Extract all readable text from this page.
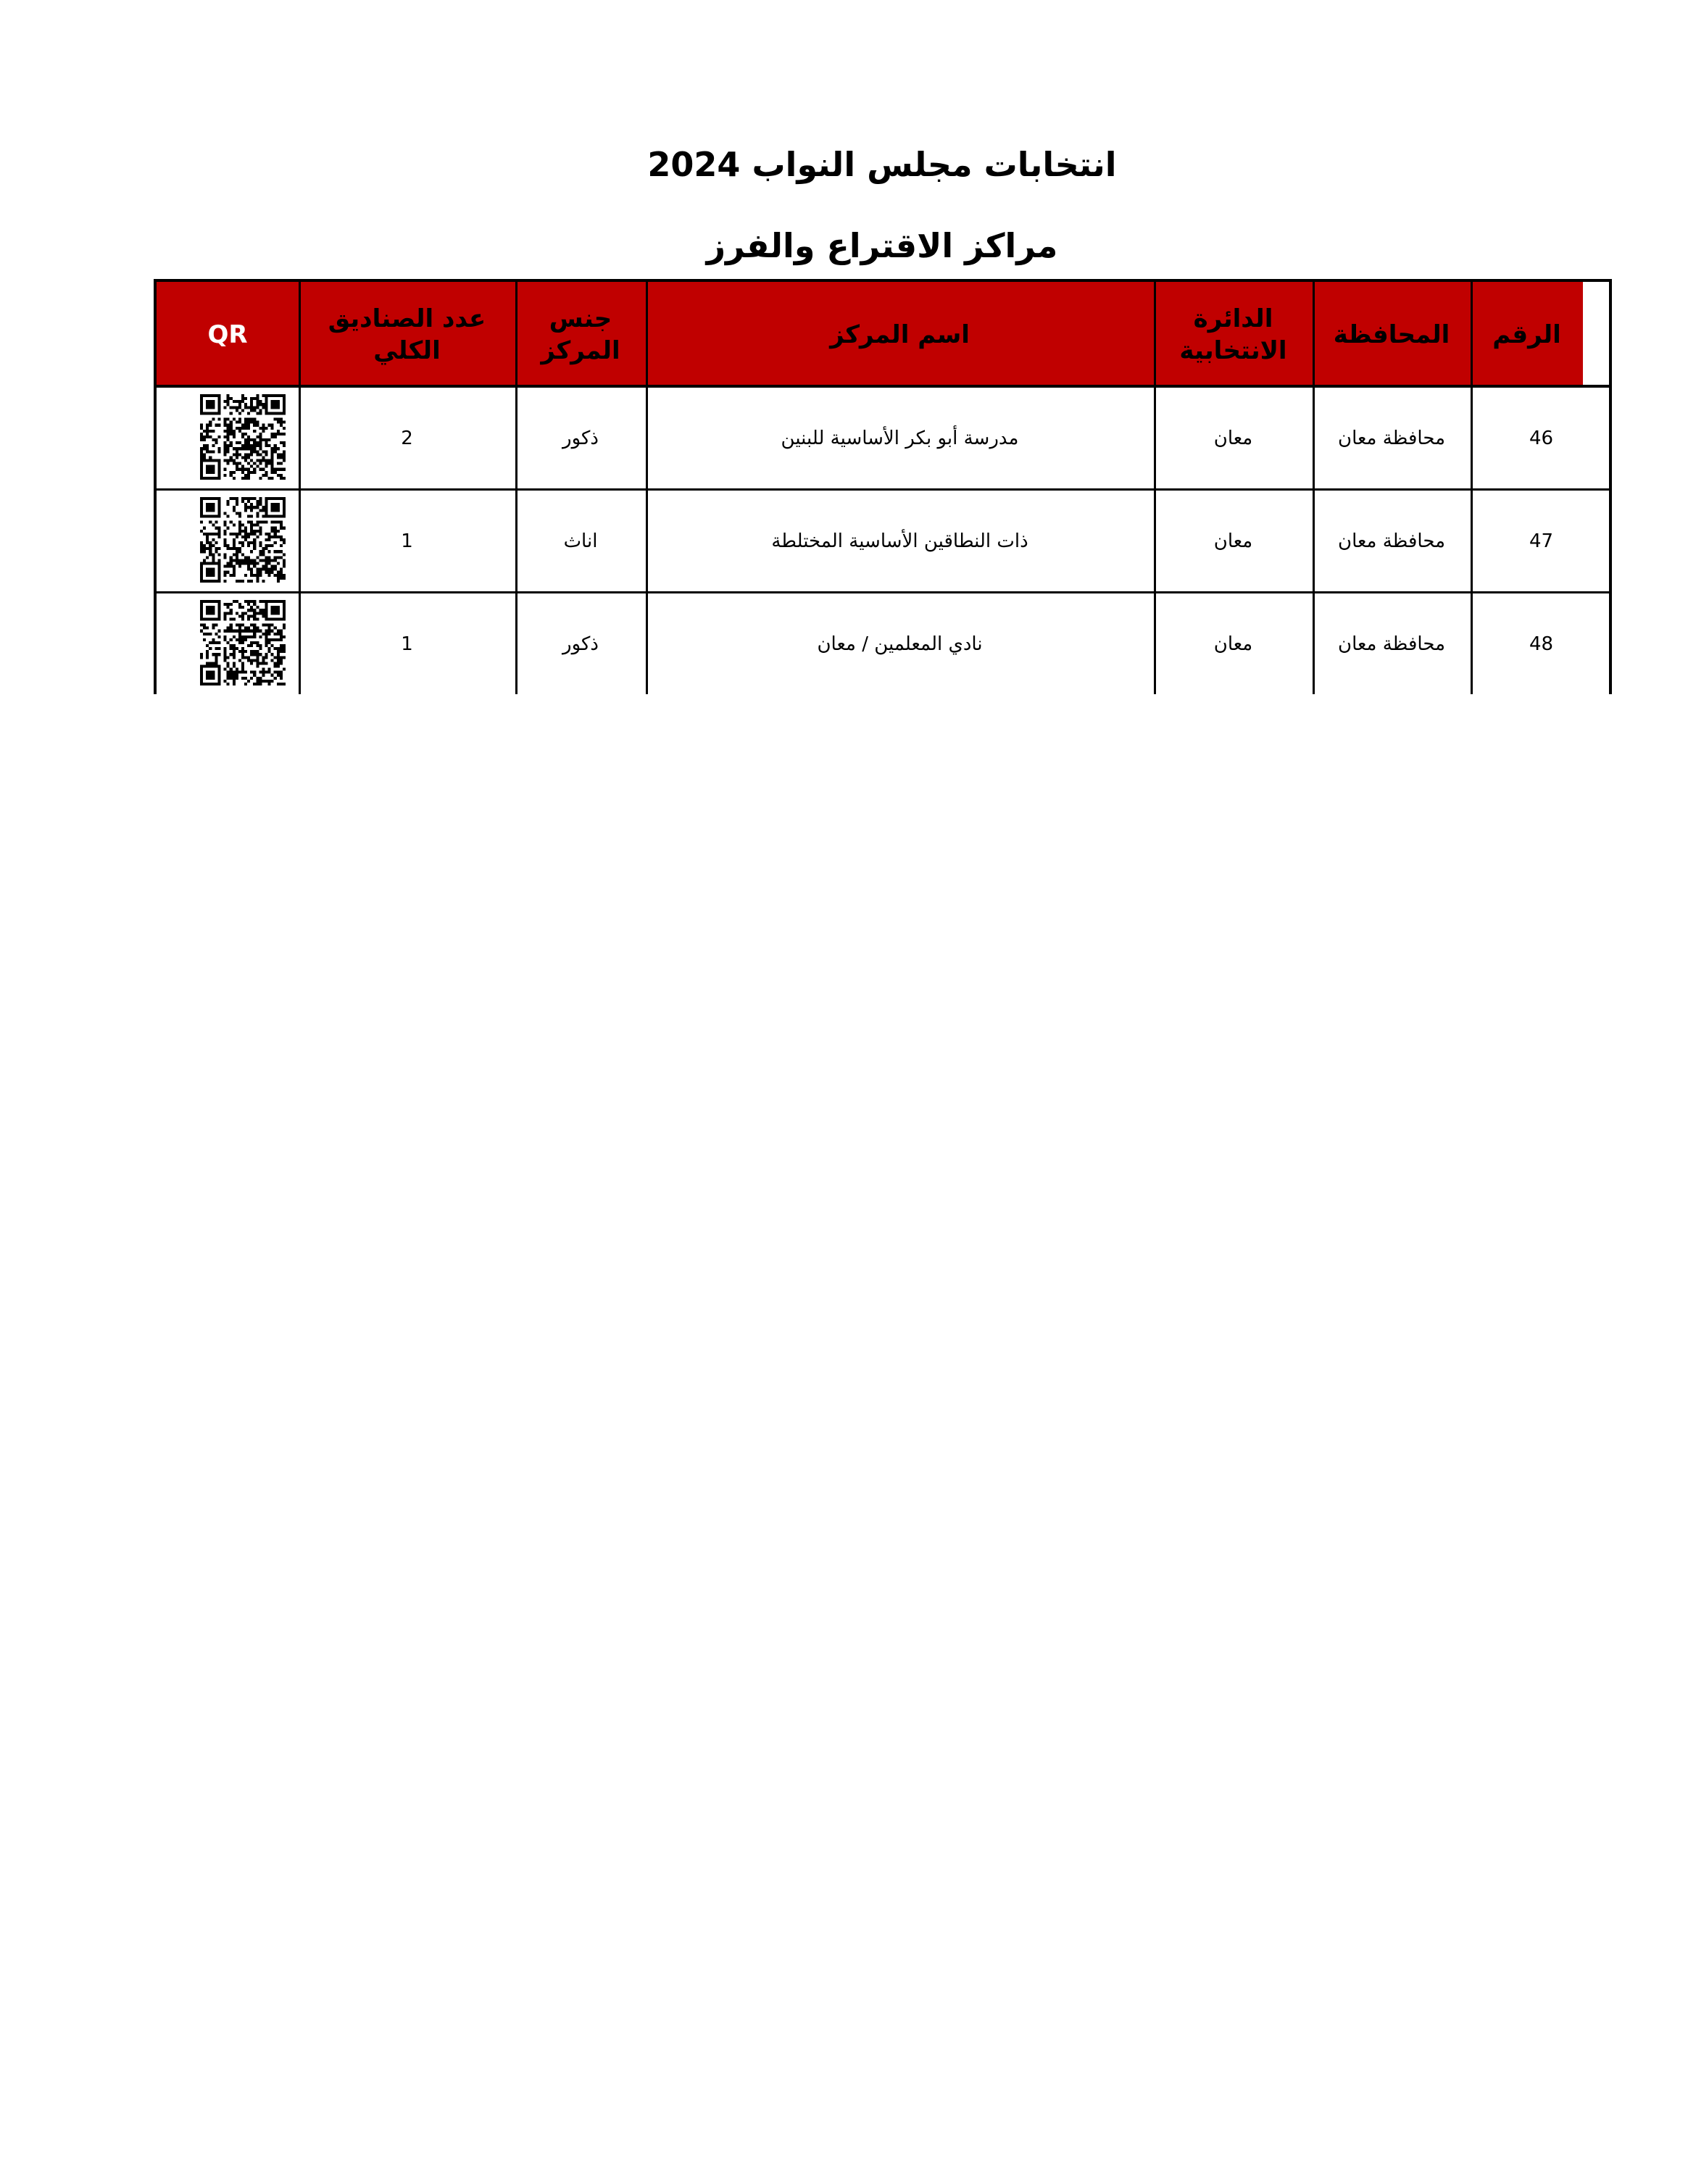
انتخابات مجلس النواب 2024
مراكز الاقتراع والفرز
الرقم
المحافظة
الدائرة الانتخابية
اسم المركز
جنس المركز
عدد الصناديق الكلي
QR
46
محافظة معان
معان
مدرسة أبو بكر الأساسية للبنين
ذكور
2
47
محافظة معان
معان
ذات النطاقين الأساسية المختلطة
اناث
1
48
محافظة معان
معان
نادي المعلمين / معان
ذكور
1
